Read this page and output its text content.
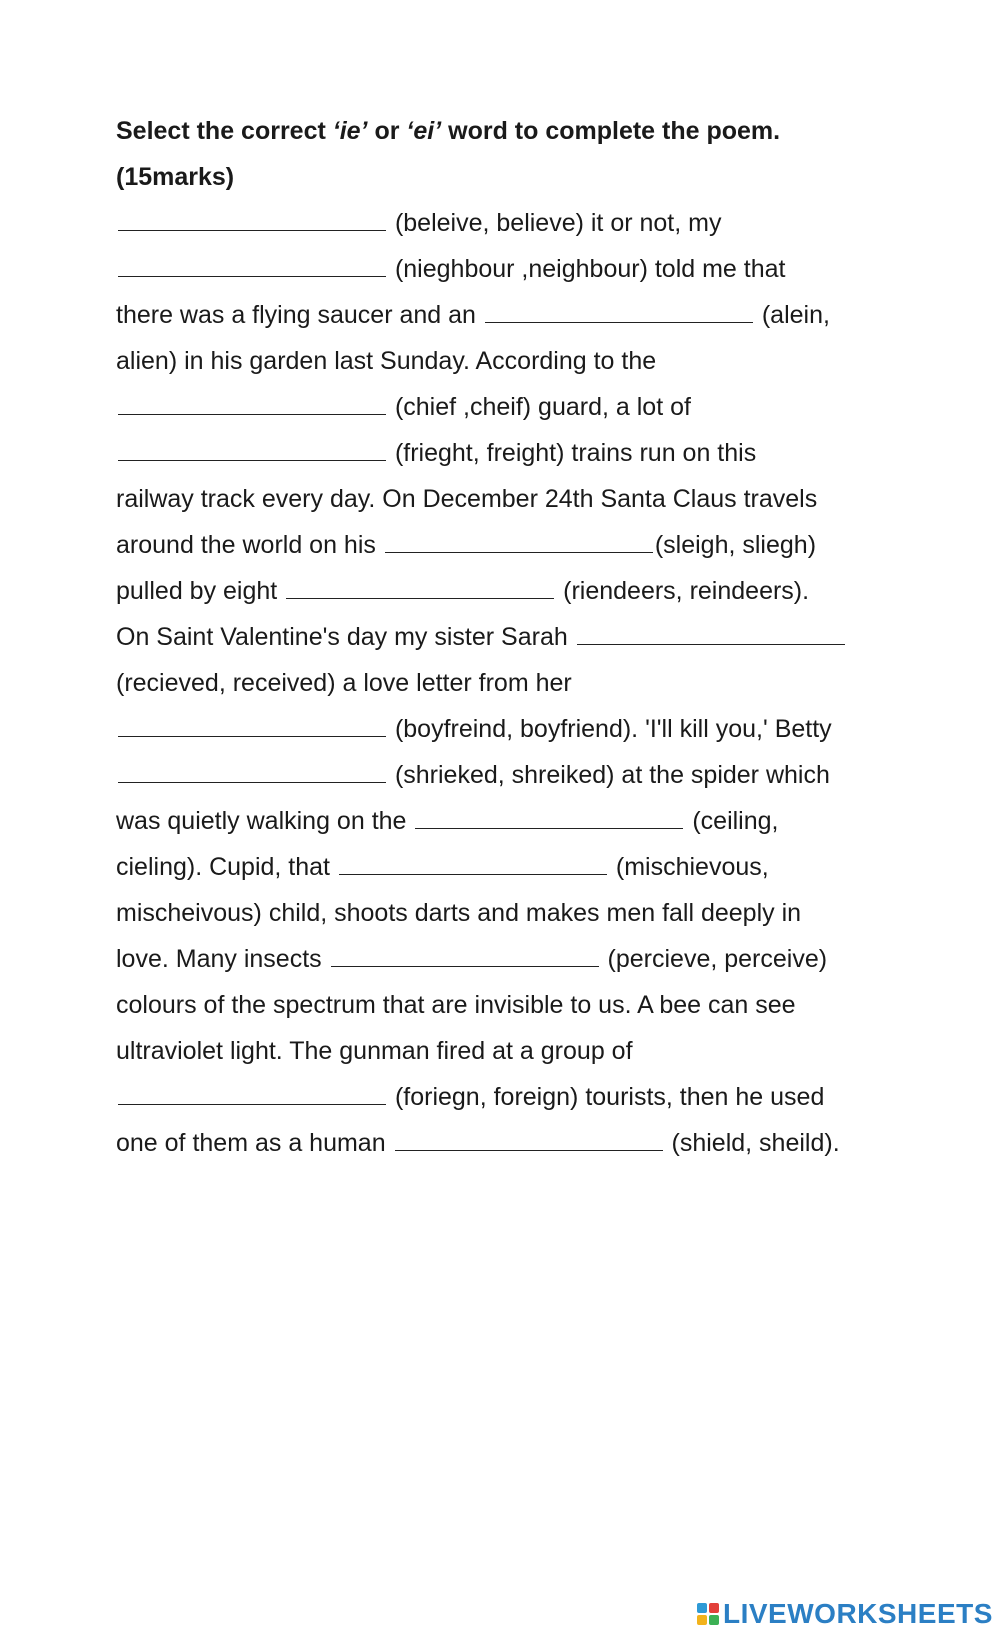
Select the correct ‘ie’ or ‘ei’ word to complete the poem.
(15marks)

(beleive, believe) it or not, my
(nieghbour ,neighbour) told me that
there was a flying saucer and an	(alein,
alien) in his garden last Sunday. According to the
(chief ,cheif) guard, a lot of
(frieght, freight) trains run on this
railway track every day. On December 24th Santa Claus travels
around the world on his	(sleigh, sliegh)
pulled by eight	(riendeers, reindeers).
On Saint Valentine's day my sister Sarah
(recieved, received) a love letter from her
(boyfreind, boyfriend). 'I'll kill you,' Betty
(shrieked, shreiked) at the spider which
was quietly walking on the	(ceiling,
cieling). Cupid, that	(mischievous,
mischeivous) child, shoots darts and makes men fall deeply in
love. Many insects	(percieve, perceive)
colours of the spectrum that are invisible to us. A bee can see
ultraviolet light. The gunman fired at a group of
(foriegn, foreign) tourists, then he used
one of them as a human	(shield, sheild).
LIVEWORKSHEETS
